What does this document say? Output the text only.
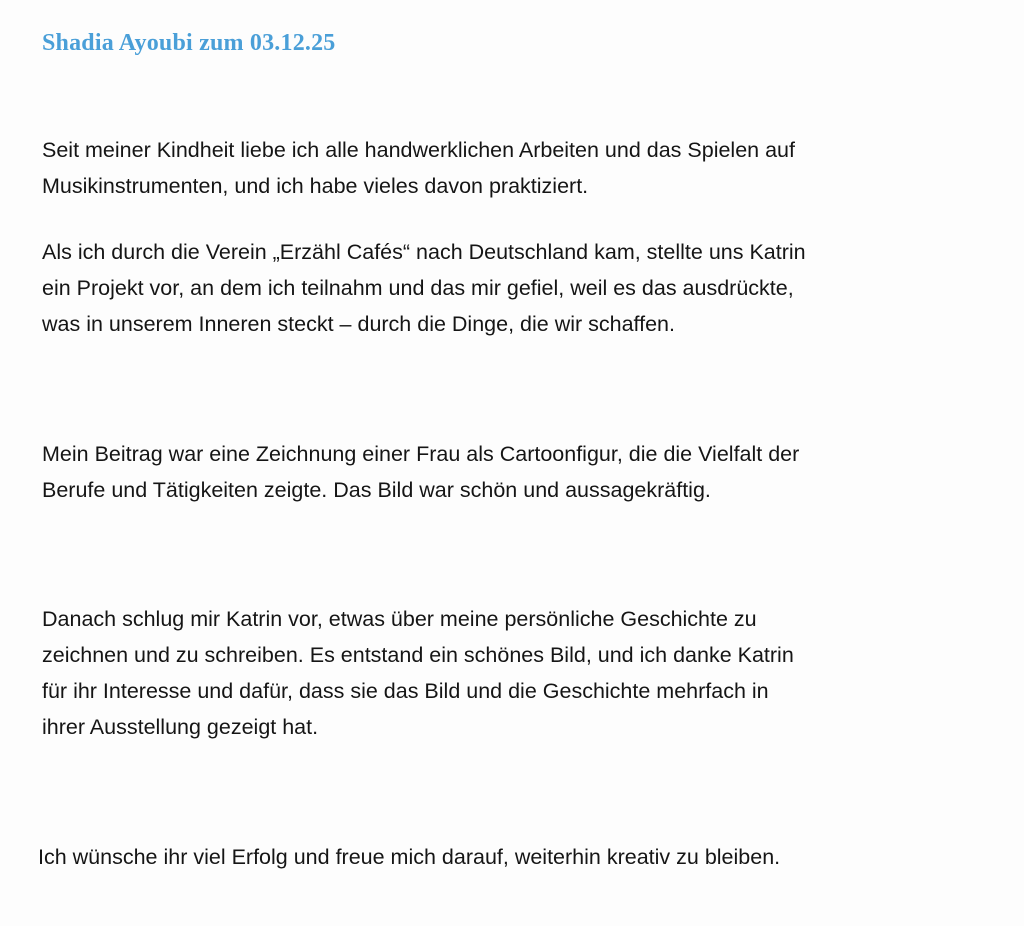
Shadia Ayoubi zum 03.12.25

Seit meiner Kindheit liebe ich alle handwerklichen Arbeiten und das Spielen auf
Musikinstrumenten, und ich habe vieles davon praktiziert.

Als ich durch die Verein „Erzähl Cafés“ nach Deutschland kam, stellte uns Katrin
ein Projekt vor, an dem ich teilnahm und das mir gefiel, weil es das ausdrückte,
was in unserem Inneren steckt – durch die Dinge, die wir schaffen.

Mein Beitrag war eine Zeichnung einer Frau als Cartoonfigur, die die Vielfalt der
Berufe und Tätigkeiten zeigte. Das Bild war schön und aussagekräftig.

Danach schlug mir Katrin vor, etwas über meine persönliche Geschichte zu
zeichnen und zu schreiben. Es entstand ein schönes Bild, und ich danke Katrin
für ihr Interesse und dafür, dass sie das Bild und die Geschichte mehrfach in
ihrer Ausstellung gezeigt hat.

Ich wünsche ihr viel Erfolg und freue mich darauf, weiterhin kreativ zu bleiben.
